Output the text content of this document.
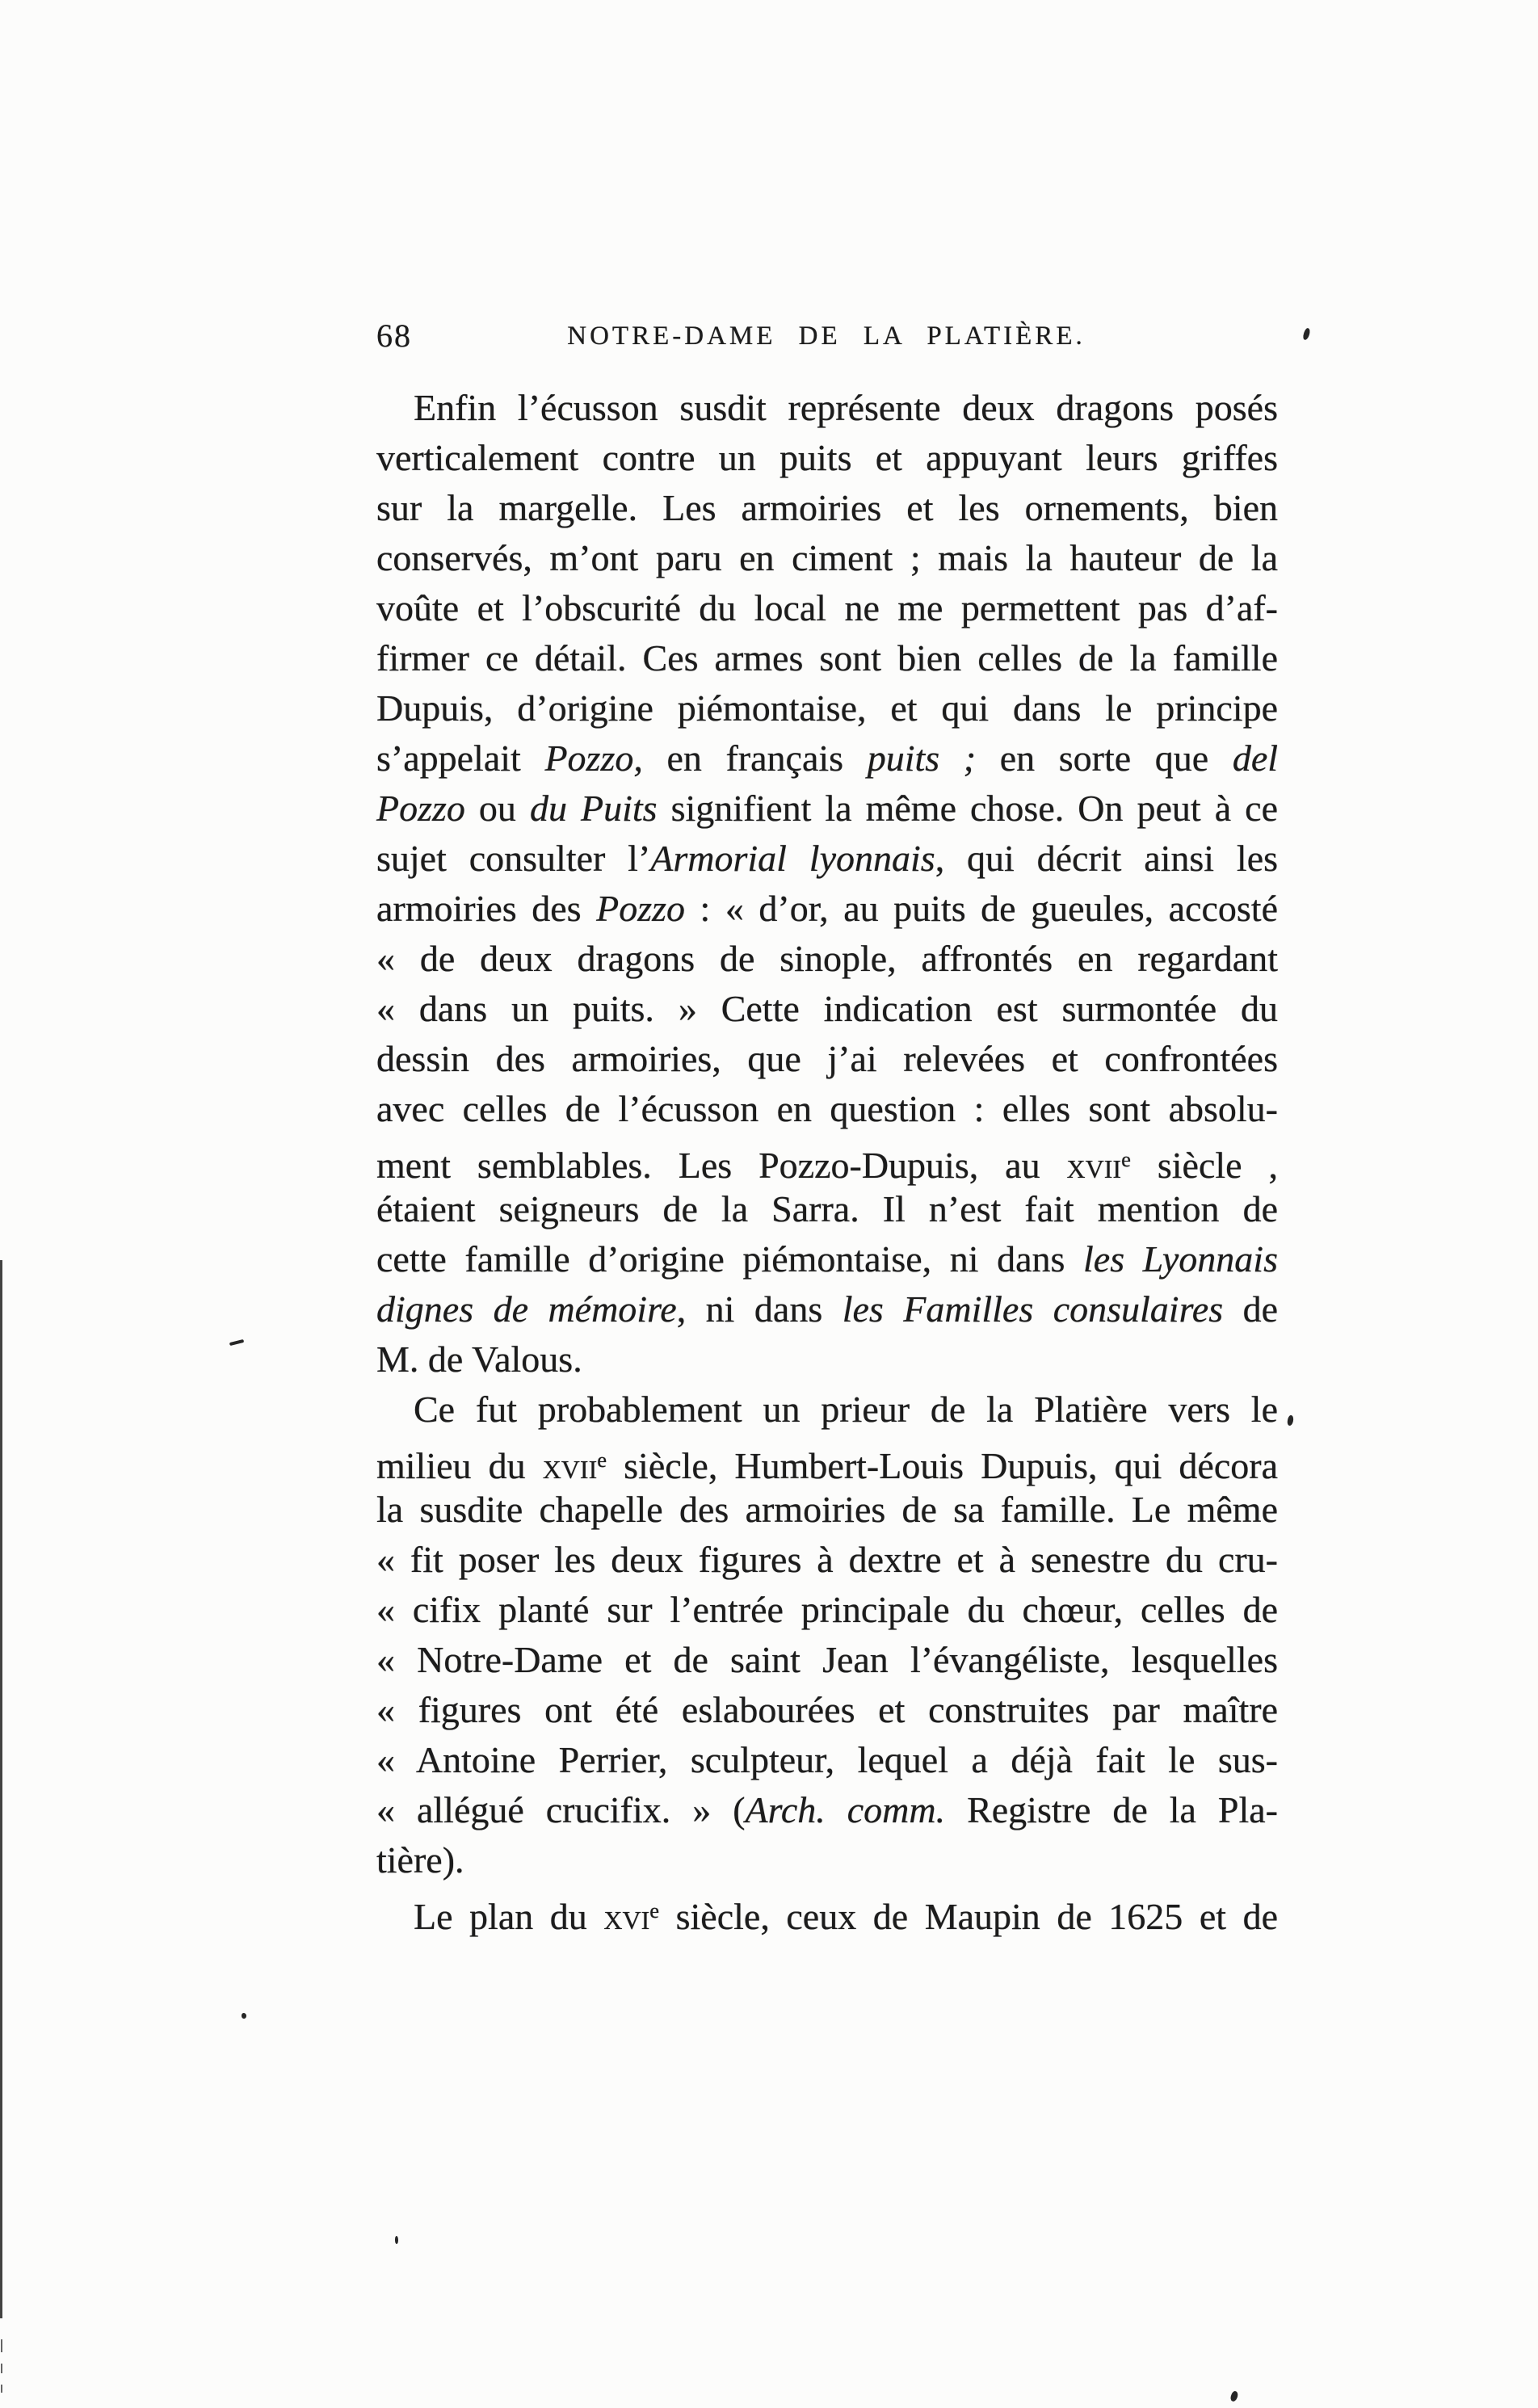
68	NOTRE-DAME DE LA PLATIÈRE.
Enfin l’écusson susdit représente deux dragons posés
verticalement contre un puits et appuyant leurs griffes
sur la margelle. Les armoiries et les ornements, bien
conservés, m’ont paru en ciment ; mais la hauteur de la
voûte et l’obscurité du local ne me permettent pas d’af-
firmer ce détail. Ces armes sont bien celles de la famille
Dupuis, d’origine piémontaise, et qui dans le principe
s’appelait Pozzo, en français puits ; en sorte que del
Pozzo ou du Puits signifient la même chose. On peut à ce
sujet consulter l’Armorial lyonnais, qui décrit ainsi les
armoiries des Pozzo : « d’or, au puits de gueules, accosté
« de deux dragons de sinople, affrontés en regardant
« dans un puits. » Cette indication est surmontée du
dessin des armoiries, que j’ai relevées et confrontées
avec celles de l’écusson en question : elles sont absolu-
ment semblables. Les Pozzo-Dupuis, au xvii$^e$ siècle ,
étaient seigneurs de la Sarra. Il n’est fait mention de
cette famille d’origine piémontaise, ni dans les Lyonnais
dignes de mémoire, ni dans les Familles consulaires de
M. de Valous.
Ce fut probablement un prieur de la Platière vers le
milieu du xvii$^e$ siècle, Humbert-Louis Dupuis, qui décora
la susdite chapelle des armoiries de sa famille. Le même
« fit poser les deux figures à dextre et à senestre du cru-
« cifix planté sur l’entrée principale du chœur, celles de
« Notre-Dame et de saint Jean l’évangéliste, lesquelles
« figures ont été eslabourées et construites par maître
« Antoine Perrier, sculpteur, lequel a déjà fait le sus-
« allégué crucifix. » (Arch. comm. Registre de la Pla-
tière).
Le plan du xvi$^e$ siècle, ceux de Maupin de 1625 et de
